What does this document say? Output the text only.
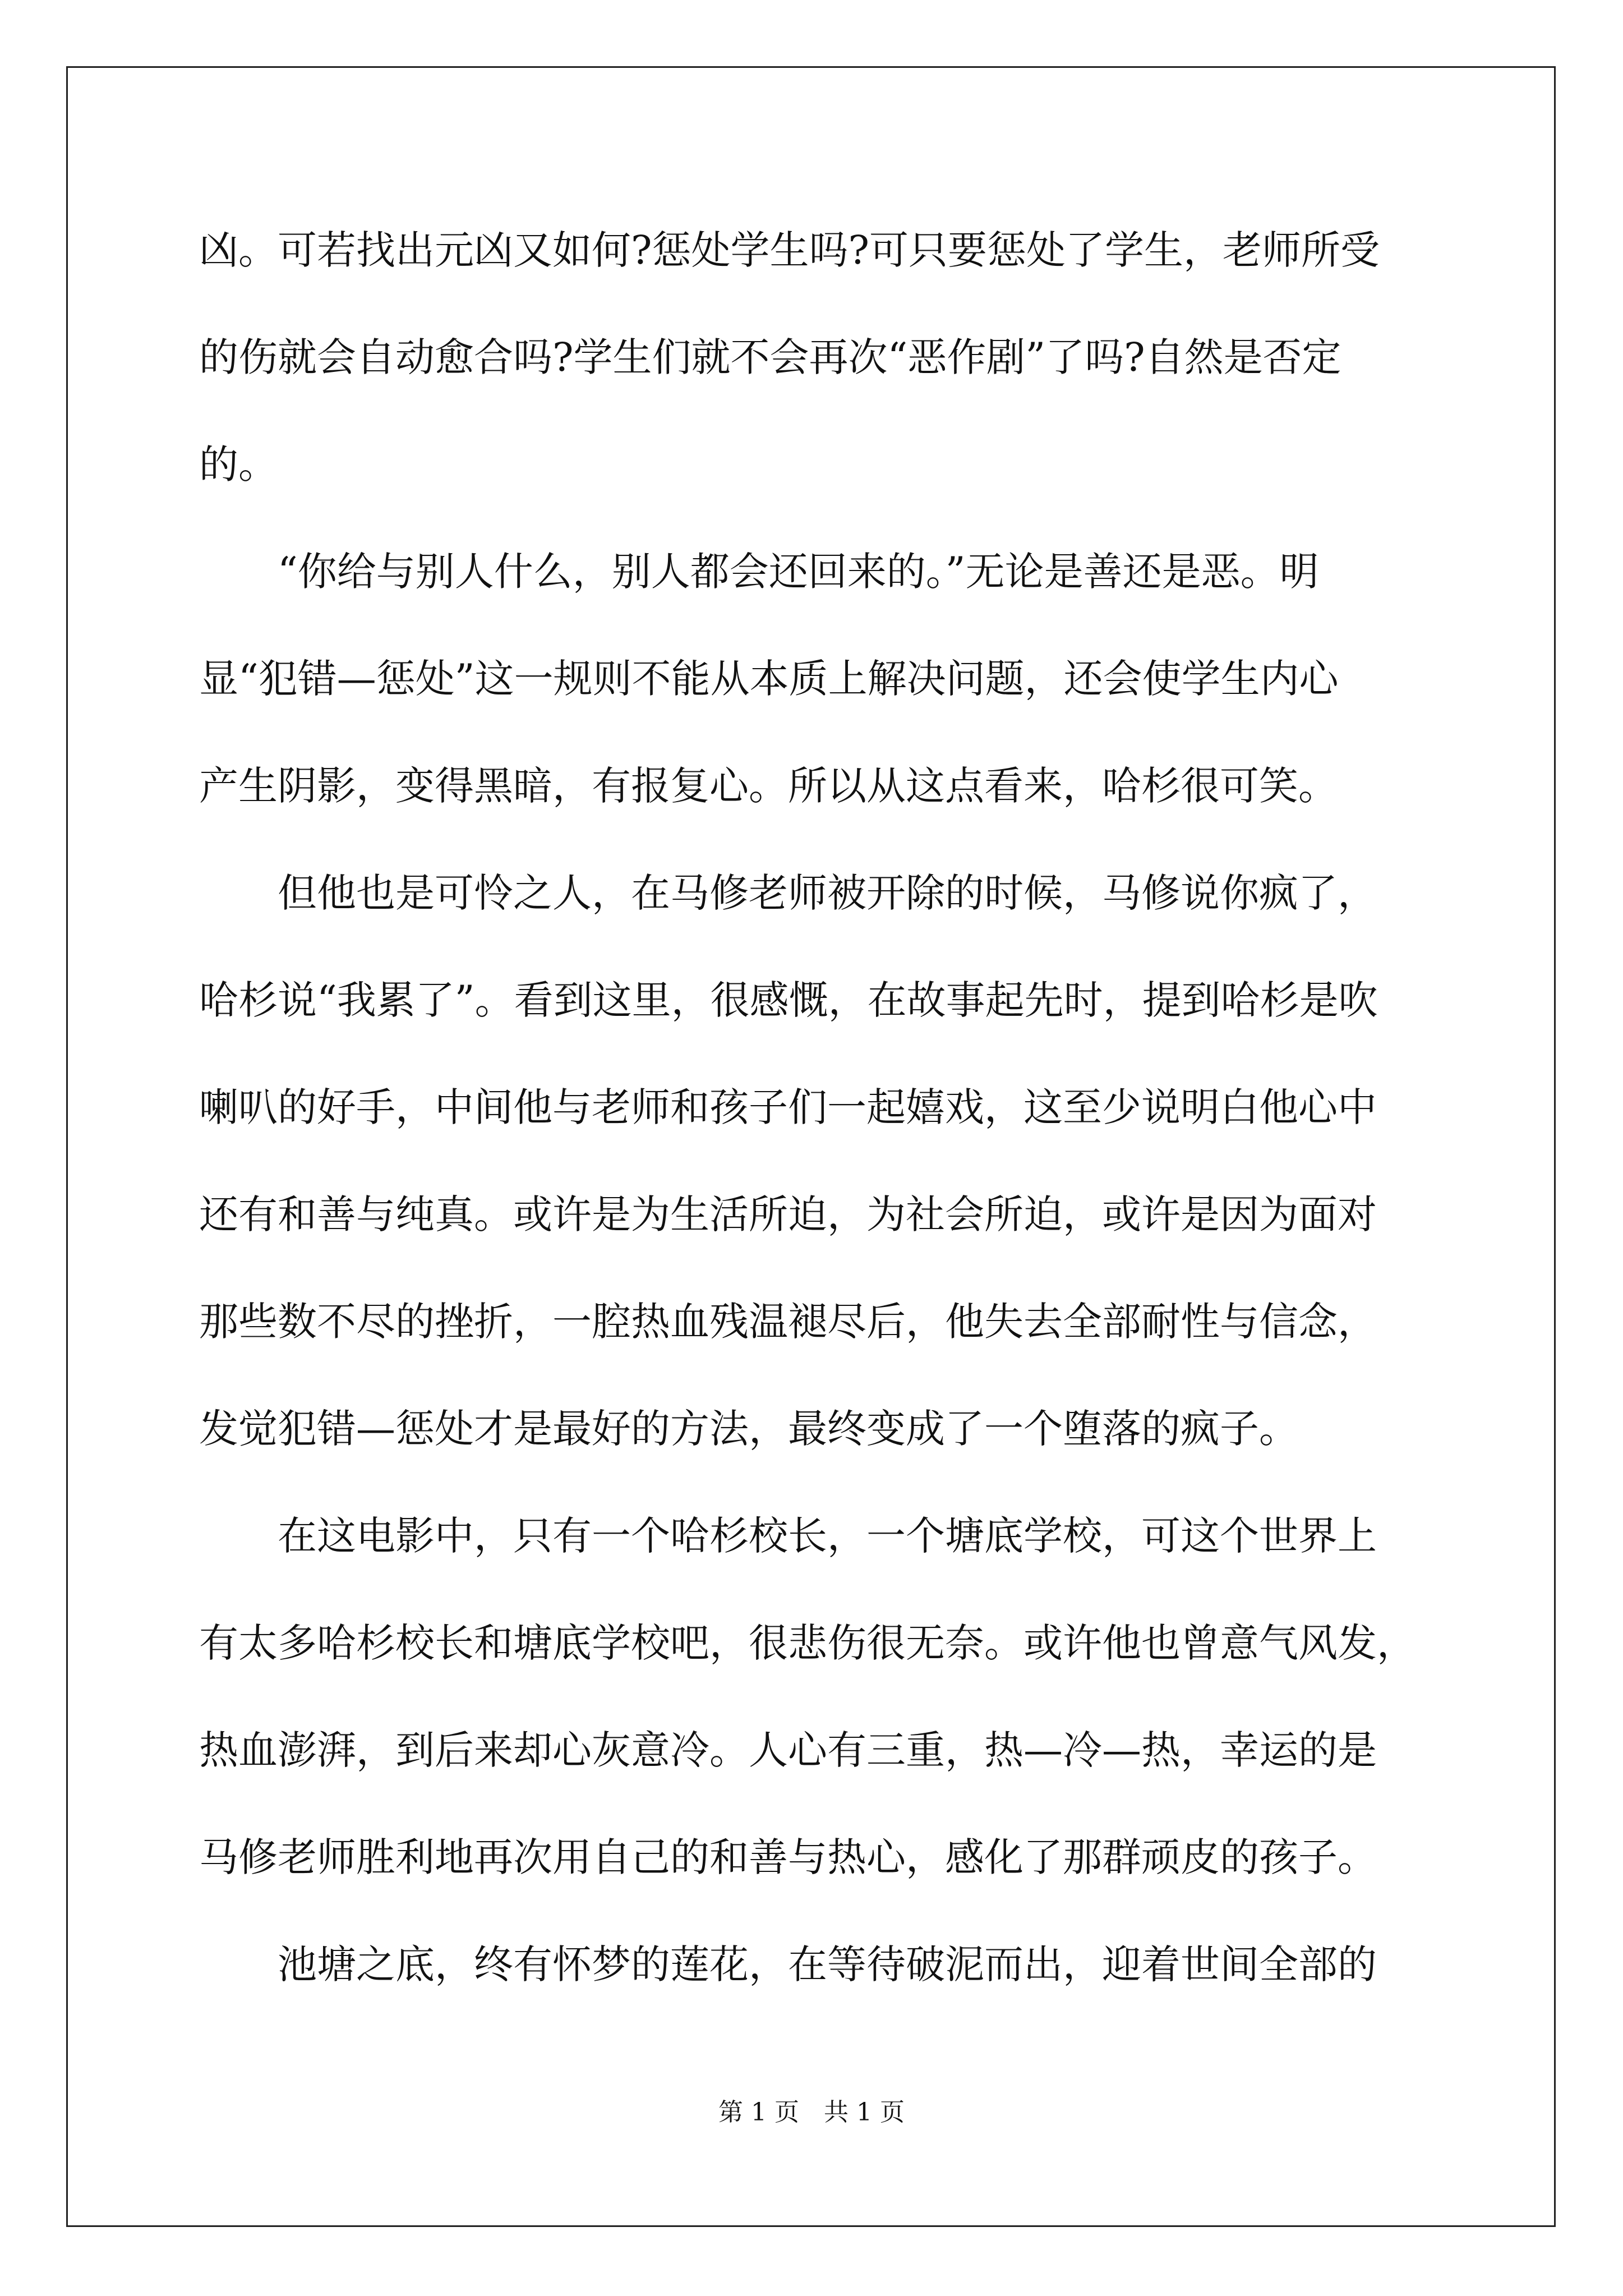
凶。可若找出元凶又如何?惩处学生吗?可只要惩处了学生，老师所受
的伤就会自动愈合吗?学生们就不会再次“恶作剧”了吗?自然是否定
的。
　　“你给与别人什么，别人都会还回来的。”无论是善还是恶。明
显“犯错—惩处”这一规则不能从本质上解决问题，还会使学生内心
产生阴影，变得黑暗，有报复心。所以从这点看来，哈杉很可笑。
　　但他也是可怜之人，在马修老师被开除的时候，马修说你疯了，
哈杉说“我累了”。看到这里，很感慨，在故事起先时，提到哈杉是吹
喇叭的好手，中间他与老师和孩子们一起嬉戏，这至少说明白他心中
还有和善与纯真。或许是为生活所迫，为社会所迫，或许是因为面对
那些数不尽的挫折，一腔热血残温褪尽后，他失去全部耐性与信念，
发觉犯错—惩处才是最好的方法，最终变成了一个堕落的疯子。
　　在这电影中，只有一个哈杉校长，一个塘底学校，可这个世界上
有太多哈杉校长和塘底学校吧，很悲伤很无奈。或许他也曾意气风发，
热血澎湃，到后来却心灰意冷。人心有三重，热—冷—热，幸运的是
马修老师胜利地再次用自己的和善与热心，感化了那群顽皮的孩子。
　　池塘之底，终有怀梦的莲花，在等待破泥而出，迎着世间全部的
第 1 页　共 1 页
